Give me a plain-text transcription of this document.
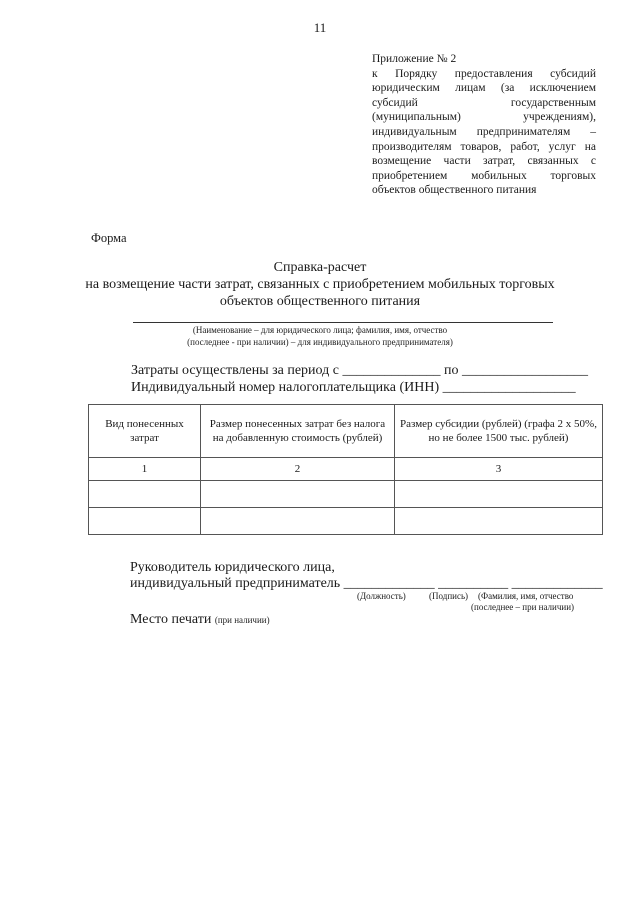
11
Приложение № 2
к Порядку предоставления субсидий юридическим лицам (за исключением субсидий государственным (муниципальным) учреждениям), индивидуальным предпринимателям – производителям товаров, работ, услуг на возмещение части затрат, связанных с приобретением мобильных торговых
объектов общественного питания
Форма
Справка-расчет
на возмещение части затрат, связанных с приобретением мобильных торговых
объектов общественного питания
(Наименование – для юридического лица; фамилия, имя, отчество
(последнее - при наличии) – для индивидуального предпринимателя)
Затраты осуществлены за период с ______________ по __________________
Индивидуальный номер налогоплательщика (ИНН) ___________________
Вид понесенных затрат	Размер понесенных затрат без налога на добавленную стоимость (рублей)	Размер субсидии (рублей) (графа 2 х 50%, но не более 1500 тыс. рублей)
1	2	3

Руководитель юридического лица,
индивидуальный предприниматель _____________ __________ _____________
(Должность)	(Подпись) (Фамилия, имя, отчество
(последнее – при наличии)
Место печати (при наличии)
